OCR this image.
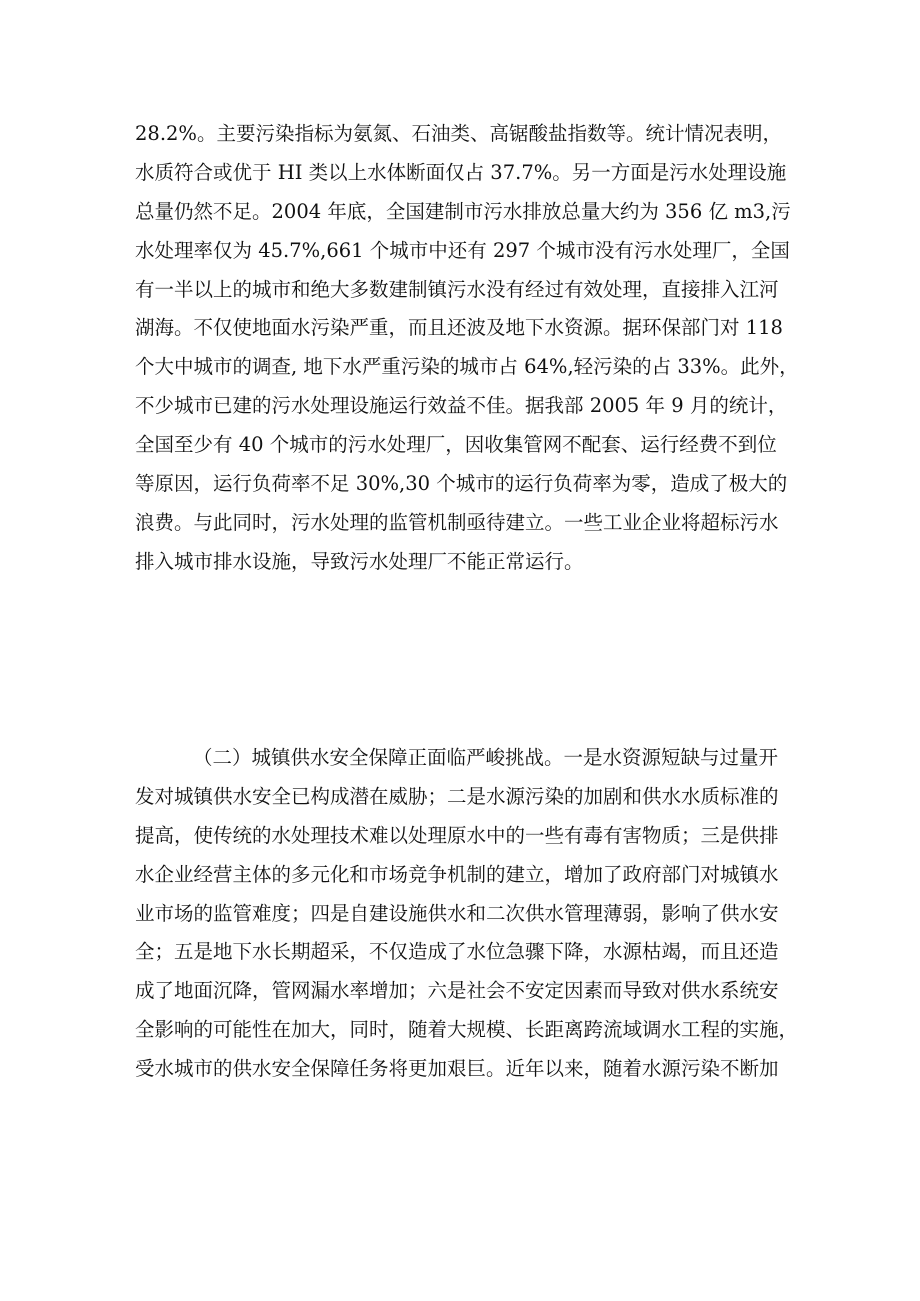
28.2%。主要污染指标为氨氮、石油类、高锯酸盐指数等。统计情况表明，
水质符合或优于 HI 类以上水体断面仅占 37.7%。另一方面是污水处理设施
总量仍然不足。2004 年底，全国建制市污水排放总量大约为 356 亿 m3,污
水处理率仅为 45.7%,661 个城市中还有 297 个城市没有污水处理厂，全国
有一半以上的城市和绝大多数建制镇污水没有经过有效处理，直接排入江河
湖海。不仅使地面水污染严重，而且还波及地下水资源。据环保部门对 118
个大中城市的调查, 地下水严重污染的城市占 64%,轻污染的占 33%。此外，
不少城市已建的污水处理设施运行效益不佳。据我部 2005 年 9 月的统计，
全国至少有 40 个城市的污水处理厂，因收集管网不配套、运行经费不到位
等原因，运行负荷率不足 30%,30 个城市的运行负荷率为零，造成了极大的
浪费。与此同时，污水处理的监管机制亟待建立。一些工业企业将超标污水
排入城市排水设施，导致污水处理厂不能正常运行。
（二）城镇供水安全保障正面临严峻挑战。一是水资源短缺与过量开
发对城镇供水安全已构成潜在威胁；二是水源污染的加剧和供水水质标准的
提高，使传统的水处理技术难以处理原水中的一些有毒有害物质；三是供排
水企业经营主体的多元化和市场竞争机制的建立，增加了政府部门对城镇水
业市场的监管难度；四是自建设施供水和二次供水管理薄弱，影响了供水安
全；五是地下水长期超采，不仅造成了水位急骤下降，水源枯竭，而且还造
成了地面沉降，管网漏水率增加；六是社会不安定因素而导致对供水系统安
全影响的可能性在加大，同时，随着大规模、长距离跨流域调水工程的实施，
受水城市的供水安全保障任务将更加艰巨。近年以来，随着水源污染不断加
